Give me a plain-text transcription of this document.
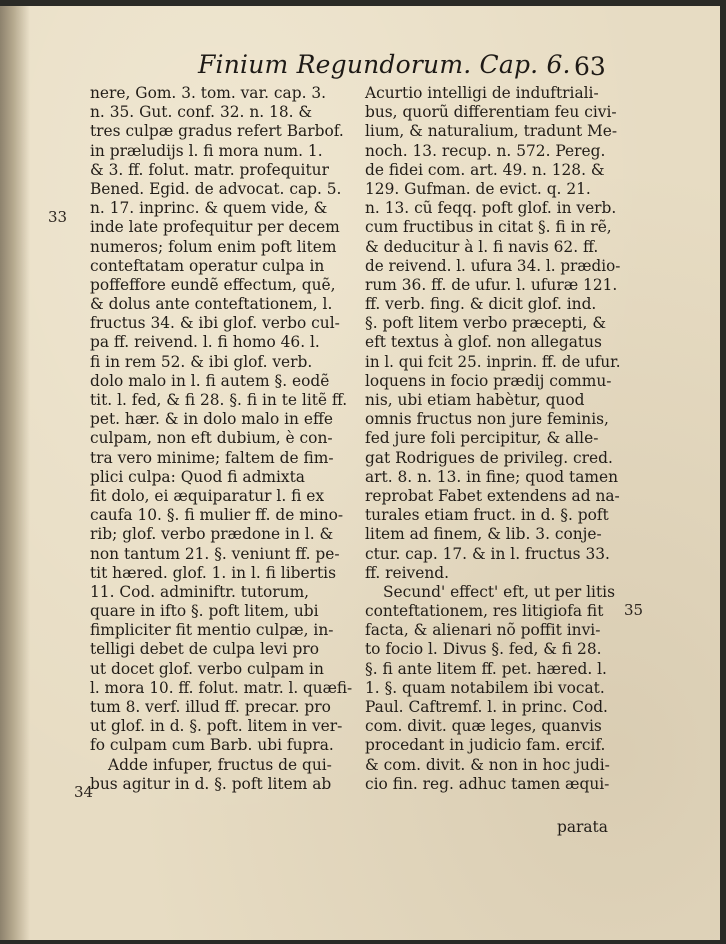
Finium Regundorum. Cap. 6. 63
33
34
35
nere, Gom. 3. tom. var. cap. 3.
n. 35. Gut. conf. 32. n. 18. &
tres culpæ gradus refert Barbof.
in præludijs l. fi mora num. 1.
& 3. ff. folut. matr. profequitur
Bened. Egid. de advocat. cap. 5.
n. 17. inprinc. & quem vide, &
inde late profequitur per decem
numeros; folum enim poft litem
conteftatam operatur culpa in
poffeffore eundẽ effectum, quẽ,
& dolus ante conteftationem, l.
fructus 34. & ibi glof. verbo cul-
pa ff. reivend. l. fi homo 46. l.
fi in rem 52. & ibi glof. verb.
dolo malo in l. fi autem §. eodẽ
tit. l. fed, & fi 28. §. fi in te litẽ ff.
pet. hær. & in dolo malo in effe
culpam, non eft dubium, è con-
tra vero minime; faltem de fim-
plici culpa: Quod fi admixta
fit dolo, ei æquiparatur l. fi ex
caufa 10. §. fi mulier ff. de mino-
rib; glof. verbo prædone in l. &
non tantum 21. §. veniunt ff. pe-
tit hæred. glof. 1. in l. fi libertis
11. Cod. adminiftr. tutorum,
quare in ifto §. poft litem, ubi
fimpliciter fit mentio culpæ, in-
telligi debet de culpa levi pro
ut docet glof. verbo culpam in
l. mora 10. ff. folut. matr. l. quæfi-
tum 8. verf. illud ff. precar. pro
ut glof. in d. §. poft. litem in ver-
fo culpam cum Barb. ubi fupra.
Adde infuper, fructus de qui-
bus agitur in d. §. poft litem ab
Acurtio intelligi de induftriali-
bus, quorũ differentiam feu civi-
lium, & naturalium, tradunt Me-
noch. 13. recup. n. 572. Pereg.
de fidei com. art. 49. n. 128. &
129. Gufman. de evict. q. 21.
n. 13. cũ feqq. poft glof. in verb.
cum fructibus in citat §. fi in rẽ,
& deducitur à l. fi navis 62. ff.
de reivend. l. ufura 34. l. prædio-
rum 36. ff. de ufur. l. ufuræ 121.
ff. verb. fing. & dicit glof. ind.
§. poft litem verbo præcepti, &
eft textus à glof. non allegatus
in l. qui fcit 25. inprin. ff. de ufur.
loquens in focio prædij commu-
nis, ubi etiam habètur, quod
omnis fructus non jure feminis,
fed jure foli percipitur, & alle-
gat Rodrigues de privileg. cred.
art. 8. n. 13. in fine; quod tamen
reprobat Fabet extendens ad na-
turales etiam fruct. in d. §. poft
litem ad finem, & lib. 3. conje-
ctur. cap. 17. & in l. fructus 33.
ff. reivend.
Secund' effect' eft, ut per litis
conteftationem, res litigiofa fit
facta, & alienari nõ poffit invi-
to focio l. Divus §. fed, & fi 28.
§. fi ante litem ff. pet. hæred. l.
1. §. quam notabilem ibi vocat.
Paul. Caftremf. l. in princ. Cod.
com. divit. quæ leges, quanvis
procedant in judicio fam. ercif.
& com. divit. & non in hoc judi-
cio fin. reg. adhuc tamen æqui-
parata
